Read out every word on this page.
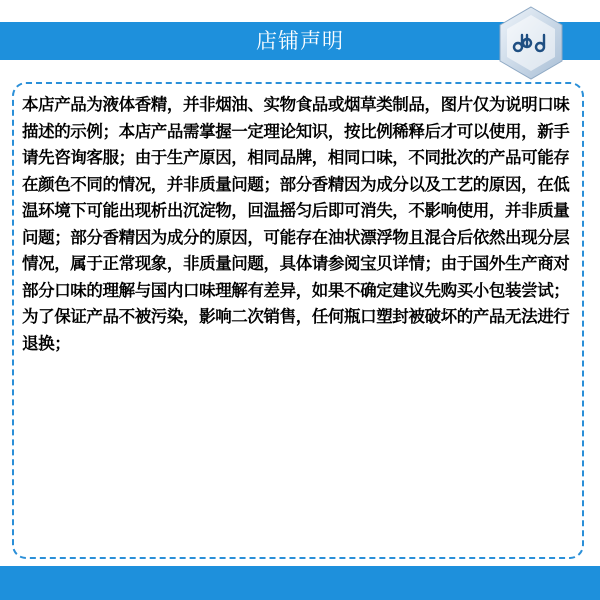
店铺声明

本店产品为液体香精，并非烟油、实物食品或烟草类制品，图片仅为说明口味描述的示例；本店产品需掌握一定理论知识，按比例稀释后才可以使用，新手请先咨询客服；由于生产原因，相同品牌，相同口味，不同批次的产品可能存在颜色不同的情况，并非质量问题；部分香精因为成分以及工艺的原因，在低温环境下可能出现析出沉淀物，回温摇匀后即可消失，不影响使用，并非质量问题；部分香精因为成分的原因，可能存在油状漂浮物且混合后依然出现分层情况，属于正常现象，非质量问题，具体请参阅宝贝详情；由于国外生产商对部分口味的理解与国内口味理解有差异，如果不确定建议先购买小包装尝试；为了保证产品不被污染，影响二次销售，任何瓶口塑封被破坏的产品无法进行退换；
